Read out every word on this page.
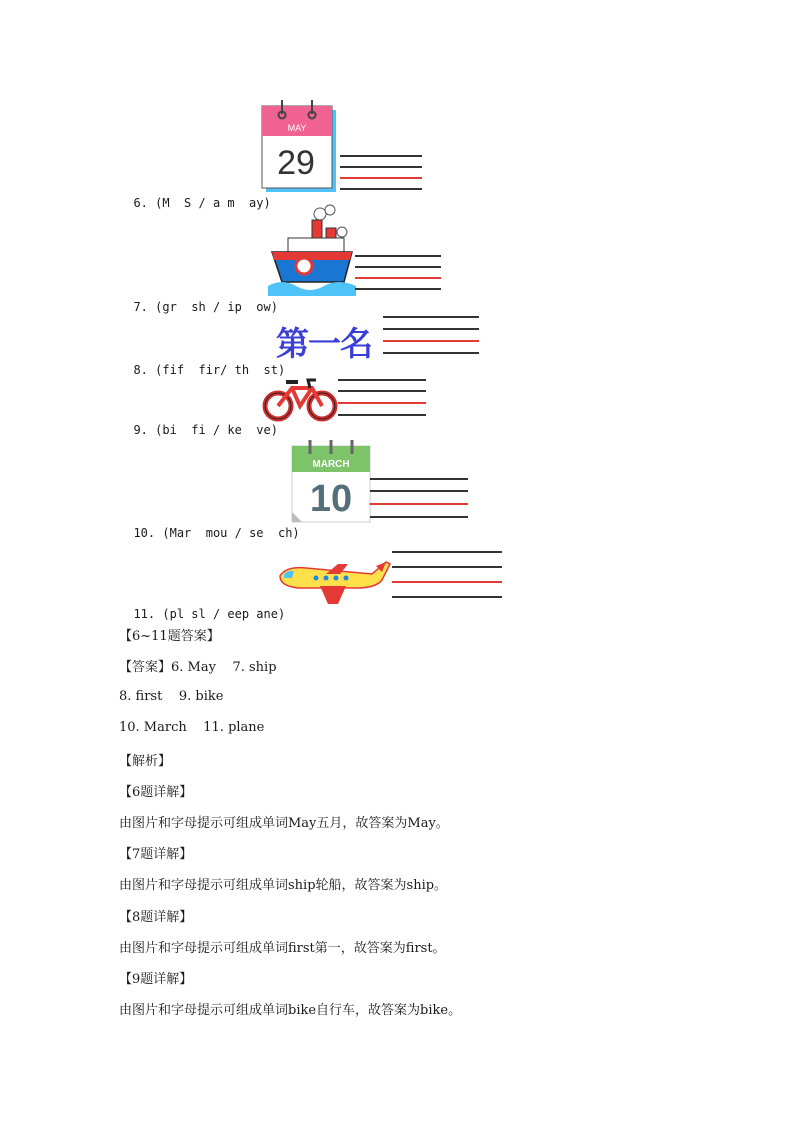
6. (M  S / a m  ay)

MAY
29

7. (gr  sh / ip  ow)

8. (fif  fir/ th  st)

第一名

9. (bi  fi / ke  ve)

10. (Mar  mou / se  ch)

MARCH
10

11. (pl sl / eep ane)

【6~11题答案】
【答案】6. May    7. ship
8. first    9. bike
10. March    11. plane
【解析】
【6题详解】
由图片和字母提示可组成单词May五月，故答案为May。
【7题详解】
由图片和字母提示可组成单词ship轮船，故答案为ship。
【8题详解】
由图片和字母提示可组成单词first第一，故答案为first。
【9题详解】
由图片和字母提示可组成单词bike自行车，故答案为bike。
